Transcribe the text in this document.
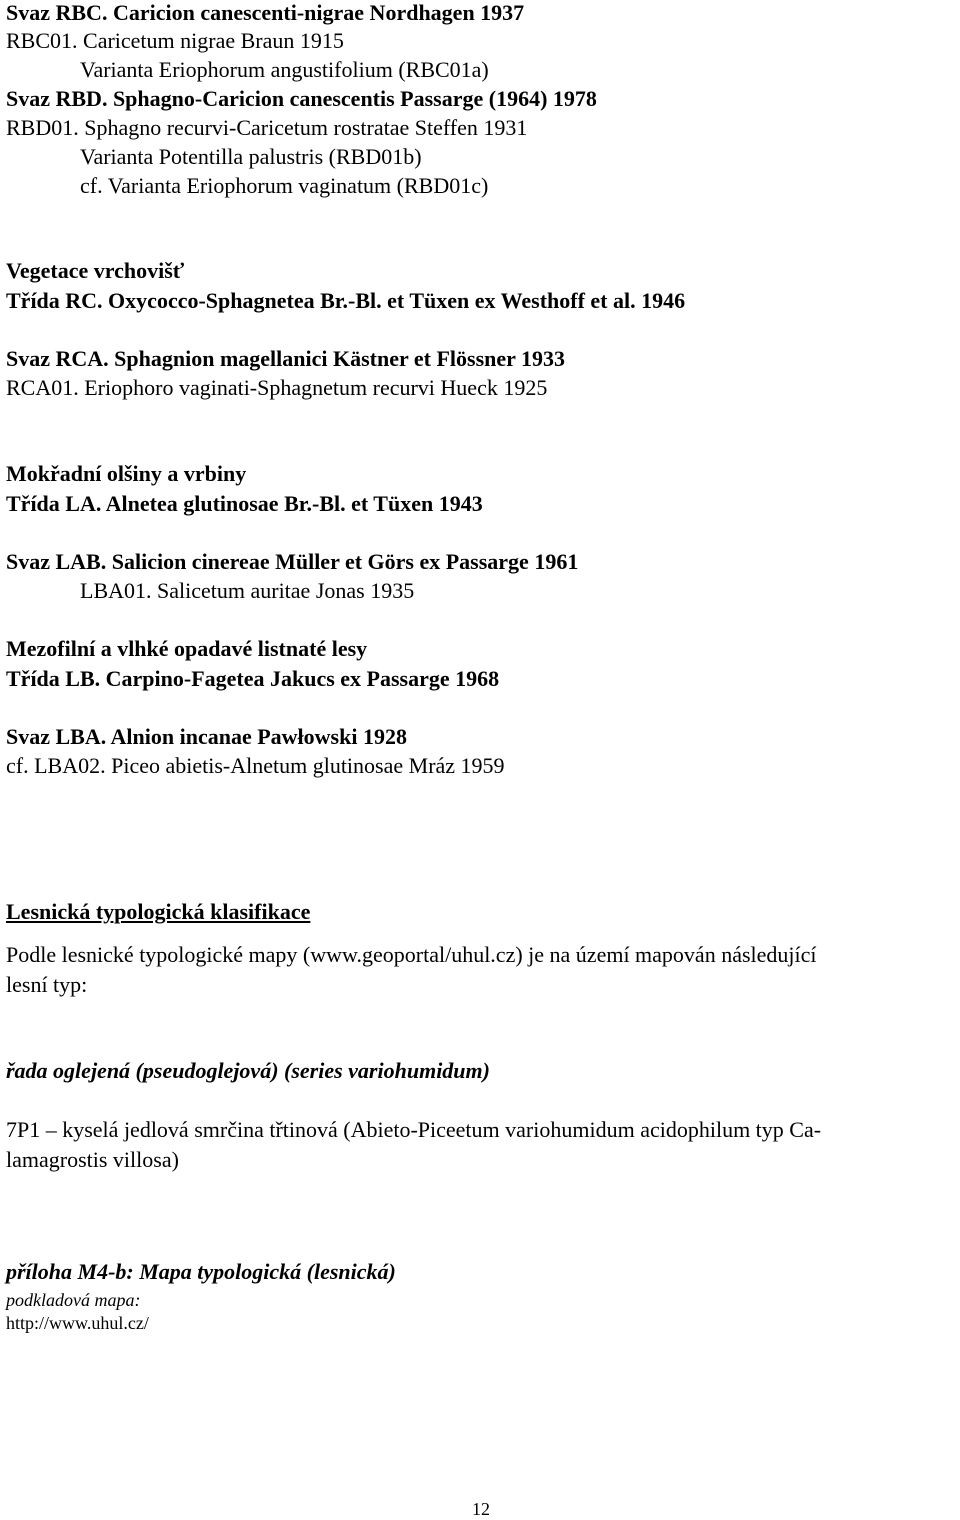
Svaz RBC. Caricion canescenti-nigrae Nordhagen 1937
RBC01. Caricetum nigrae Braun 1915
Varianta Eriophorum angustifolium (RBC01a)
Svaz RBD. Sphagno-Caricion canescentis Passarge (1964) 1978
RBD01. Sphagno recurvi-Caricetum rostratae Steffen 1931
Varianta Potentilla palustris (RBD01b)
cf. Varianta Eriophorum vaginatum (RBD01c)
Vegetace vrchovišť
Třída RC. Oxycocco-Sphagnetea Br.-Bl. et Tüxen ex Westhoff et al. 1946
Svaz RCA. Sphagnion magellanici Kästner et Flössner 1933
RCA01. Eriophoro vaginati-Sphagnetum recurvi Hueck 1925
Mokřadní olšiny a vrbiny
Třída LA. Alnetea glutinosae Br.-Bl. et Tüxen 1943
Svaz LAB. Salicion cinereae Müller et Görs ex Passarge 1961
LBA01. Salicetum auritae Jonas 1935
Mezofilní a vlhké opadavé listnaté lesy
Třída LB. Carpino-Fagetea Jakucs ex Passarge 1968
Svaz LBA. Alnion incanae Pawłowski 1928
cf. LBA02. Piceo abietis-Alnetum glutinosae Mráz 1959
Lesnická typologická klasifikace
Podle lesnické typologické mapy (www.geoportal/uhul.cz) je na území mapován následující
lesní typ:
řada oglejená (pseudoglejová) (series variohumidum)
7P1 – kyselá jedlová smrčina třtinová (Abieto-Piceetum variohumidum acidophilum typ Ca-
lamagrostis villosa)
příloha M4-b: Mapa typologická (lesnická)
podkladová mapa:
http://www.uhul.cz/
12
